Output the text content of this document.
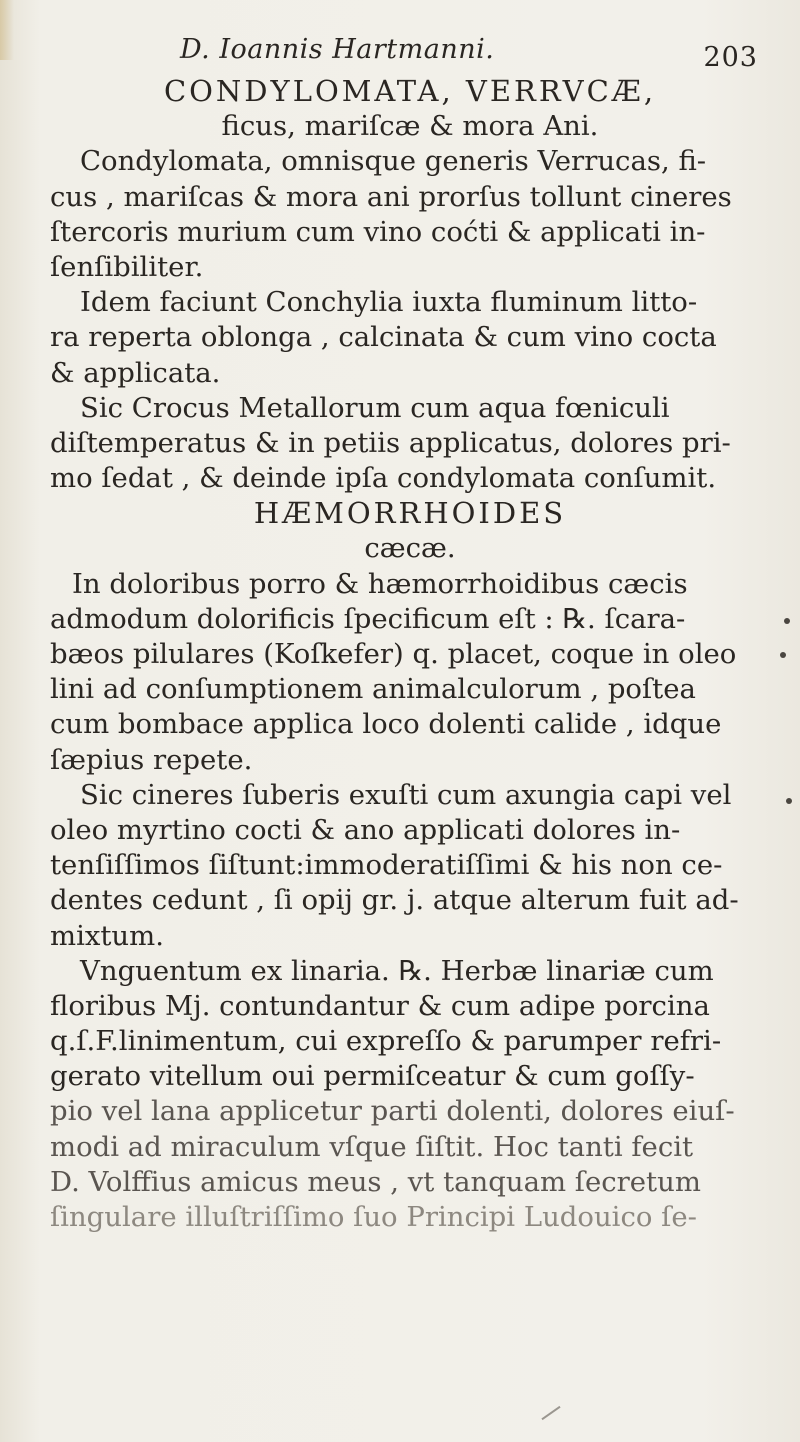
D. Ioannis Hartmanni.	203
CONDYLOMATA, VERRVCÆ,
ficus, mariſcæ & mora Ani.
Condylomata, omnisque generis Verrucas, fi-
cus , mariſcas & mora ani prorſus tollunt cineres
ſtercoris murium cum vino coćti & applicati in-
ſenſibiliter.
Idem faciunt Conchylia iuxta fluminum litto-
ra reperta oblonga , calcinata & cum vino cocta
& applicata.
Sic Crocus Metallorum cum aqua fœniculi
diſtemperatus & in petiis applicatus, dolores pri-
mo ſedat , & deinde ipſa condylomata conſumit.
HÆMORRHOIDES
cæcæ.
In doloribus porro & hæmorrhoidibus cæcis
admodum dolorificis ſpecificum eſt : ℞. ſcara-
bæos pilulares (Koſkefer) q. placet, coque in oleo
lini ad conſumptionem animalculorum , poſtea
cum bombace applica loco dolenti calide , idque
ſæpius repete.
Sic cineres ſuberis exuſti cum axungia capi vel
oleo myrtino cocti & ano applicati dolores in-
tenſiſſimos ſiſtunt:immoderatiſſimi & his non ce-
dentes cedunt , ſi opij gr. j. atque alterum fuit ad-
mixtum.
Vnguentum ex linaria. ℞. Herbæ linariæ cum
floribus Mj. contundantur & cum adipe porcina
q.ſ.F.linimentum, cui expreſſo & parumper refri-
gerato vitellum oui permiſceatur & cum goſſy-
pio vel lana applicetur parti dolenti, dolores eiuſ-
modi ad miraculum vſque ſiſtit. Hoc tanti fecit
D. Volffius amicus meus , vt tanquam ſecretum
ſingulare illuſtriſſimo ſuo Principi Ludouico ſe-
